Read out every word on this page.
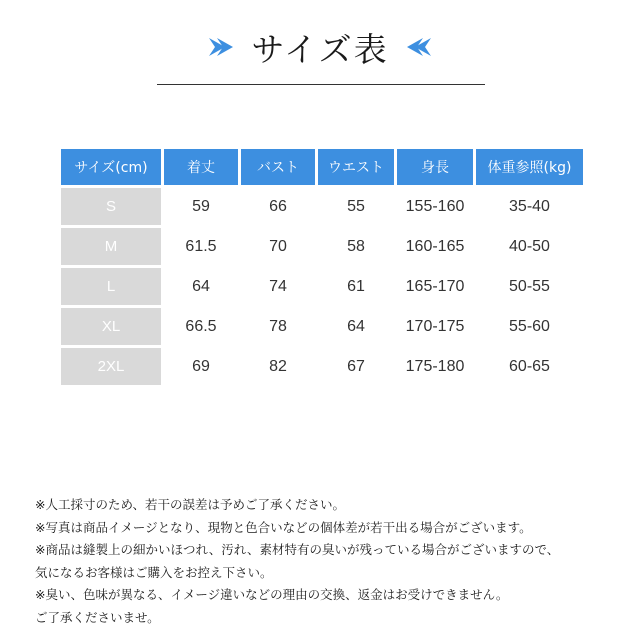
サイズ表
サイズ(cm)	着丈	バスト	ウエスト	身長	体重参照(kg)
S	59	66	55	155-160	35-40
M	61.5	70	58	160-165	40-50
L	64	74	61	165-170	50-55
XL	66.5	78	64	170-175	55-60
2XL	69	82	67	175-180	60-65
※人工採寸のため、若干の誤差は予めご了承ください。
※写真は商品イメージとなり、現物と色合いなどの個体差が若干出る場合がございます。
※商品は縫製上の細かいほつれ、汚れ、素材特有の臭いが残っている場合がございますので、
気になるお客様はご購入をお控え下さい。
※臭い、色味が異なる、イメージ違いなどの理由の交換、返金はお受けできません。
ご了承くださいませ。
